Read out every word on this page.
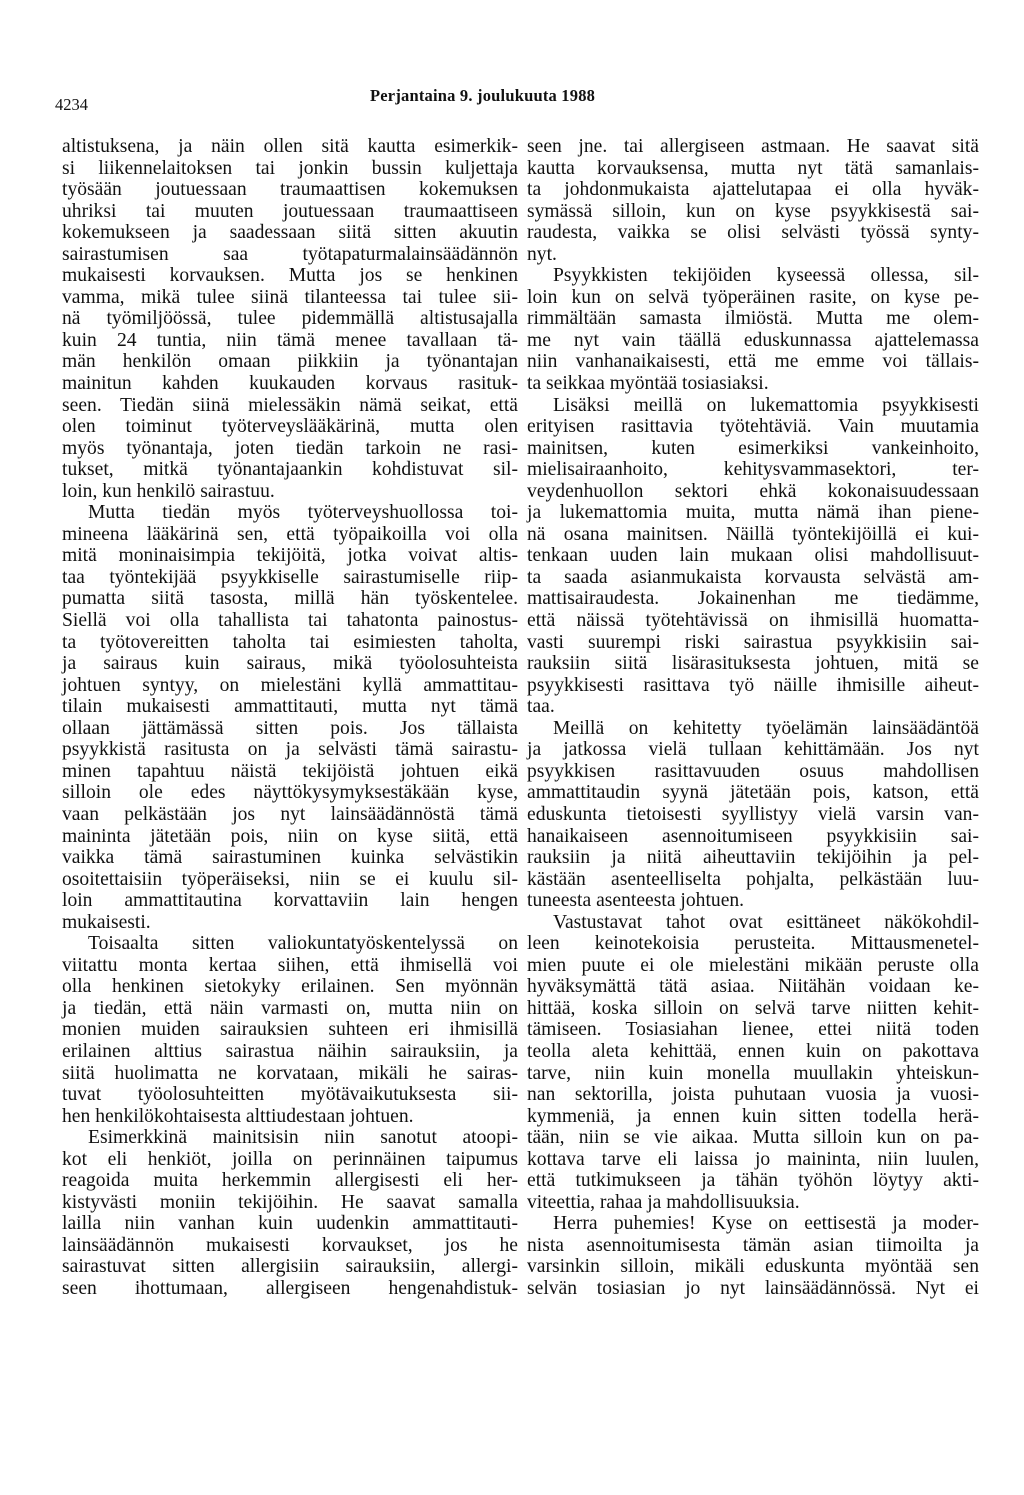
4234	Perjantaina 9. joulukuuta 1988
altistuksena, ja näin ollen sitä kautta esimerkik-
si liikennelaitoksen tai jonkin bussin kuljettaja
työsään joutuessaan traumaattisen kokemuksen
uhriksi tai muuten joutuessaan traumaattiseen
kokemukseen ja saadessaan siitä sitten akuutin
sairastumisen saa työtapaturmalainsäädännön
mukaisesti korvauksen. Mutta jos se henkinen
vamma, mikä tulee siinä tilanteessa tai tulee sii-
nä työmiljöössä, tulee pidemmällä altistusajalla
kuin 24 tuntia, niin tämä menee tavallaan tä-
män henkilön omaan piikkiin ja työnantajan
mainitun kahden kuukauden korvaus rasituk-
seen. Tiedän siinä mielessäkin nämä seikat, että
olen toiminut työterveyslääkärinä, mutta olen
myös työnantaja, joten tiedän tarkoin ne rasi-
tukset, mitkä työnantajaankin kohdistuvat sil-
loin, kun henkilö sairastuu.
Mutta tiedän myös työterveyshuollossa toi-
mineena lääkärinä sen, että työpaikoilla voi olla
mitä moninaisimpia tekijöitä, jotka voivat altis-
taa työntekijää psyykkiselle sairastumiselle riip-
pumatta siitä tasosta, millä hän työskentelee.
Siellä voi olla tahallista tai tahatonta painostus-
ta työtovereitten taholta tai esimiesten taholta,
ja sairaus kuin sairaus, mikä työolosuhteista
johtuen syntyy, on mielestäni kyllä ammattitau-
tilain mukaisesti ammattitauti, mutta nyt tämä
ollaan jättämässä sitten pois. Jos tällaista
psyykkistä rasitusta on ja selvästi tämä sairastu-
minen tapahtuu näistä tekijöistä johtuen eikä
silloin ole edes näyttökysymyksestäkään kyse,
vaan pelkästään jos nyt lainsäädännöstä tämä
maininta jätetään pois, niin on kyse siitä, että
vaikka tämä sairastuminen kuinka selvästikin
osoitettaisiin työperäiseksi, niin se ei kuulu sil-
loin ammattitautina korvattaviin lain hengen
mukaisesti.
Toisaalta sitten valiokuntatyöskentelyssä on
viitattu monta kertaa siihen, että ihmisellä voi
olla henkinen sietokyky erilainen. Sen myönnän
ja tiedän, että näin varmasti on, mutta niin on
monien muiden sairauksien suhteen eri ihmisillä
erilainen alttius sairastua näihin sairauksiin, ja
siitä huolimatta ne korvataan, mikäli he sairas-
tuvat työolosuhteitten myötävaikutuksesta sii-
hen henkilökohtaisesta alttiudestaan johtuen.
Esimerkkinä mainitsisin niin sanotut atoopi-
kot eli henkiöt, joilla on perinnäinen taipumus
reagoida muita herkemmin allergisesti eli her-
kistyvästi moniin tekijöihin. He saavat samalla
lailla niin vanhan kuin uudenkin ammattitauti-
lainsäädännön mukaisesti korvaukset, jos he
sairastuvat sitten allergisiin sairauksiin, allergi-
seen ihottumaan, allergiseen hengenahdistuk-
seen jne. tai allergiseen astmaan. He saavat sitä
kautta korvauksensa, mutta nyt tätä samanlais-
ta johdonmukaista ajattelutapaa ei olla hyväk-
symässä silloin, kun on kyse psyykkisestä sai-
raudesta, vaikka se olisi selvästi työssä synty-
nyt.
Psyykkisten tekijöiden kyseessä ollessa, sil-
loin kun on selvä työperäinen rasite, on kyse pe-
rimmältään samasta ilmiöstä. Mutta me olem-
me nyt vain täällä eduskunnassa ajattelemassa
niin vanhanaikaisesti, että me emme voi tällais-
ta seikkaa myöntää tosiasiaksi.
Lisäksi meillä on lukemattomia psyykkisesti
erityisen rasittavia työtehtäviä. Vain muutamia
mainitsen, kuten esimerkiksi vankeinhoito,
mielisairaanhoito, kehitysvammasektori, ter-
veydenhuollon sektori ehkä kokonaisuudessaan
ja lukemattomia muita, mutta nämä ihan piene-
nä osana mainitsen. Näillä työntekijöillä ei kui-
tenkaan uuden lain mukaan olisi mahdollisuut-
ta saada asianmukaista korvausta selvästä am-
mattisairaudesta. Jokainenhan me tiedämme,
että näissä työtehtävissä on ihmisillä huomatta-
vasti suurempi riski sairastua psyykkisiin sai-
rauksiin siitä lisärasituksesta johtuen, mitä se
psyykkisesti rasittava työ näille ihmisille aiheut-
taa.
Meillä on kehitetty työelämän lainsäädäntöä
ja jatkossa vielä tullaan kehittämään. Jos nyt
psyykkisen rasittavuuden osuus mahdollisen
ammattitaudin syynä jätetään pois, katson, että
eduskunta tietoisesti syyllistyy vielä varsin van-
hanaikaiseen asennoitumiseen psyykkisiin sai-
rauksiin ja niitä aiheuttaviin tekijöihin ja pel-
kästään asenteelliselta pohjalta, pelkästään luu-
tuneesta asenteesta johtuen.
Vastustavat tahot ovat esittäneet näkökohdil-
leen keinotekoisia perusteita. Mittausmenetel-
mien puute ei ole mielestäni mikään peruste olla
hyväksymättä tätä asiaa. Niitähän voidaan ke-
hittää, koska silloin on selvä tarve niitten kehit-
tämiseen. Tosiasiahan lienee, ettei niitä toden
teolla aleta kehittää, ennen kuin on pakottava
tarve, niin kuin monella muullakin yhteiskun-
nan sektorilla, joista puhutaan vuosia ja vuosi-
kymmeniä, ja ennen kuin sitten todella herä-
tään, niin se vie aikaa. Mutta silloin kun on pa-
kottava tarve eli laissa jo maininta, niin luulen,
että tutkimukseen ja tähän työhön löytyy akti-
viteettia, rahaa ja mahdollisuuksia.
Herra puhemies! Kyse on eettisestä ja moder-
nista asennoitumisesta tämän asian tiimoilta ja
varsinkin silloin, mikäli eduskunta myöntää sen
selvän tosiasian jo nyt lainsäädännössä. Nyt ei
